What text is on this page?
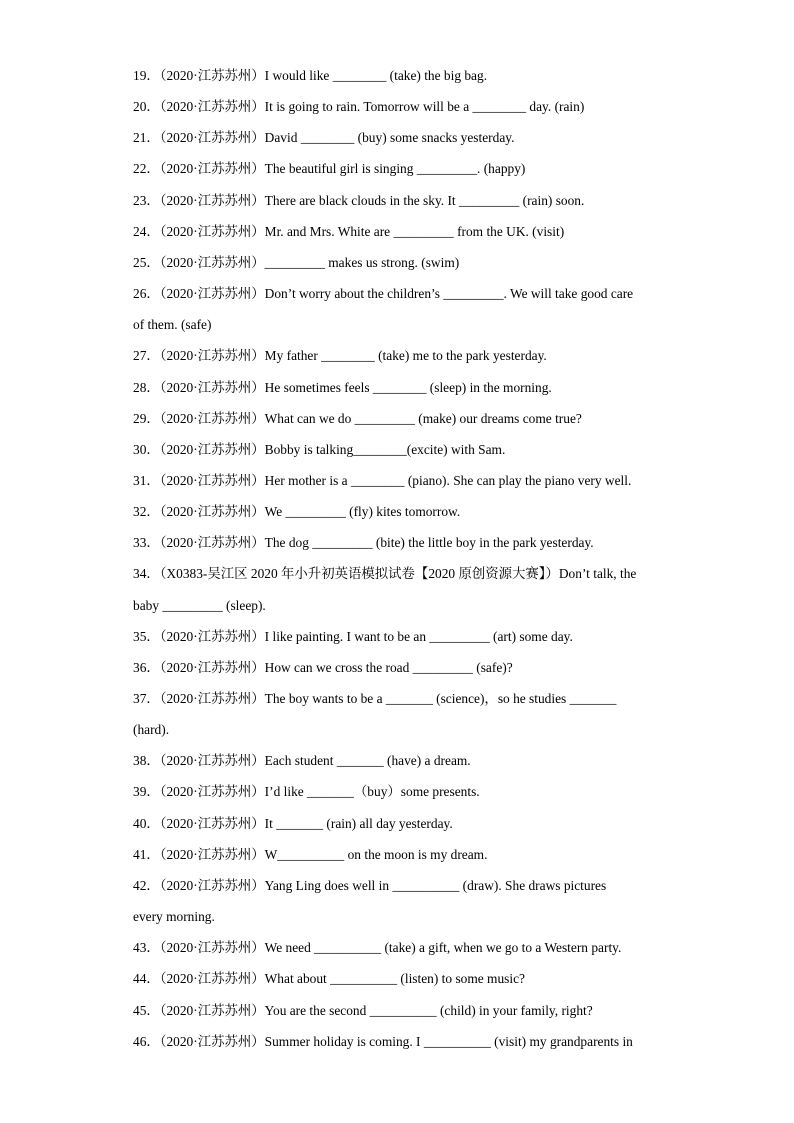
19．（2020·江苏苏州）I would like ________ (take) the big bag.
20．（2020·江苏苏州）It is going to rain. Tomorrow will be a ________ day. (rain)
21．（2020·江苏苏州）David ________ (buy) some snacks yesterday.
22．（2020·江苏苏州）The beautiful girl is singing _________. (happy)
23．（2020·江苏苏州）There are black clouds in the sky. It _________ (rain) soon.
24．（2020·江苏苏州）Mr. and Mrs. White are _________ from the UK. (visit)
25．（2020·江苏苏州）_________ makes us strong. (swim)
26．（2020·江苏苏州）Don’t worry about the children’s _________. We will take good care
of them. (safe)
27．（2020·江苏苏州）My father ________ (take) me to the park yesterday.
28．（2020·江苏苏州）He sometimes feels ________ (sleep) in the morning.
29．（2020·江苏苏州）What can we do _________ (make) our dreams come true?
30．（2020·江苏苏州）Bobby is talking________(excite) with Sam.
31．（2020·江苏苏州）Her mother is a ________ (piano). She can play the piano very well.
32．（2020·江苏苏州）We _________ (fly) kites tomorrow.
33．（2020·江苏苏州）The dog _________ (bite) the little boy in the park yesterday.
34．（X0383-吴江区 2020 年小升初英语模拟试卷【2020 原创资源大赛】）Don’t talk, the
baby _________ (sleep).
35．（2020·江苏苏州）I like painting. I want to be an _________ (art) some day.
36．（2020·江苏苏州）How can we cross the road _________ (safe)?
37．（2020·江苏苏州）The boy wants to be a _______ (science)，so he studies _______
(hard).
38．（2020·江苏苏州）Each student _______ (have) a dream.
39．（2020·江苏苏州）I’d like _______（buy）some presents.
40．（2020·江苏苏州）It _______ (rain) all day yesterday.
41．（2020·江苏苏州）W__________ on the moon is my dream.
42．（2020·江苏苏州）Yang Ling does well in __________ (draw). She draws pictures
every morning.
43．（2020·江苏苏州）We need __________ (take) a gift, when we go to a Western party.
44．（2020·江苏苏州）What about __________ (listen) to some music?
45．（2020·江苏苏州）You are the second __________ (child) in your family, right?
46．（2020·江苏苏州）Summer holiday is coming. I __________ (visit) my grandparents in
